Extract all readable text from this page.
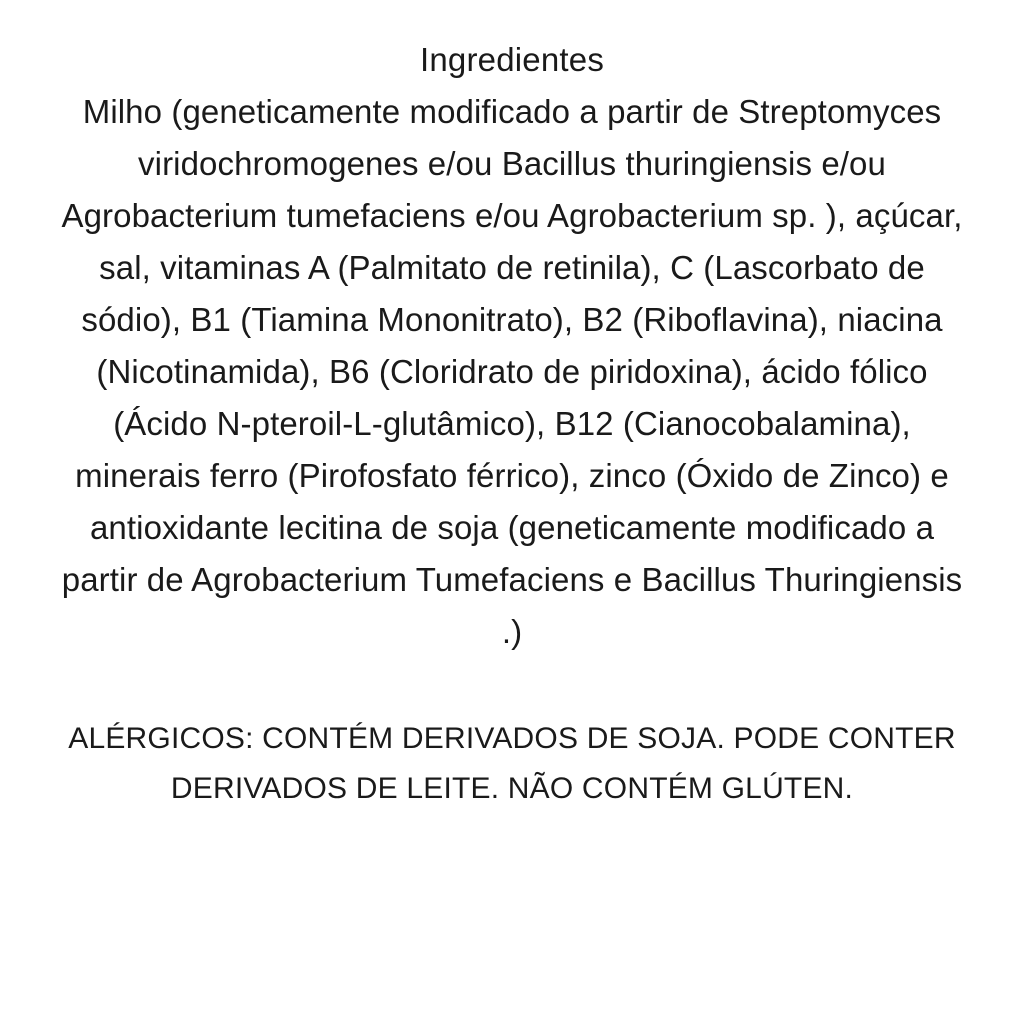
Ingredientes
Milho (geneticamente modificado a partir de Streptomyces viridochromogenes e/ou Bacillus thuringiensis e/ou Agrobacterium tumefaciens e/ou Agrobacterium sp. ), açúcar, sal, vitaminas A (Palmitato de retinila), C (Lascorbato de sódio), B1 (Tiamina Mononitrato), B2 (Riboflavina), niacina (Nicotinamida), B6 (Cloridrato de piridoxina), ácido fólico (Ácido N-pteroil-L-glutâmico), B12 (Cianocobalamina), minerais ferro (Pirofosfato férrico), zinco (Óxido de Zinco) e antioxidante lecitina de soja (geneticamente modificado a partir de Agrobacterium Tumefaciens e Bacillus Thuringiensis .)
ALÉRGICOS: CONTÉM DERIVADOS DE SOJA. PODE CONTER DERIVADOS DE LEITE. NÃO CONTÉM GLÚTEN.
